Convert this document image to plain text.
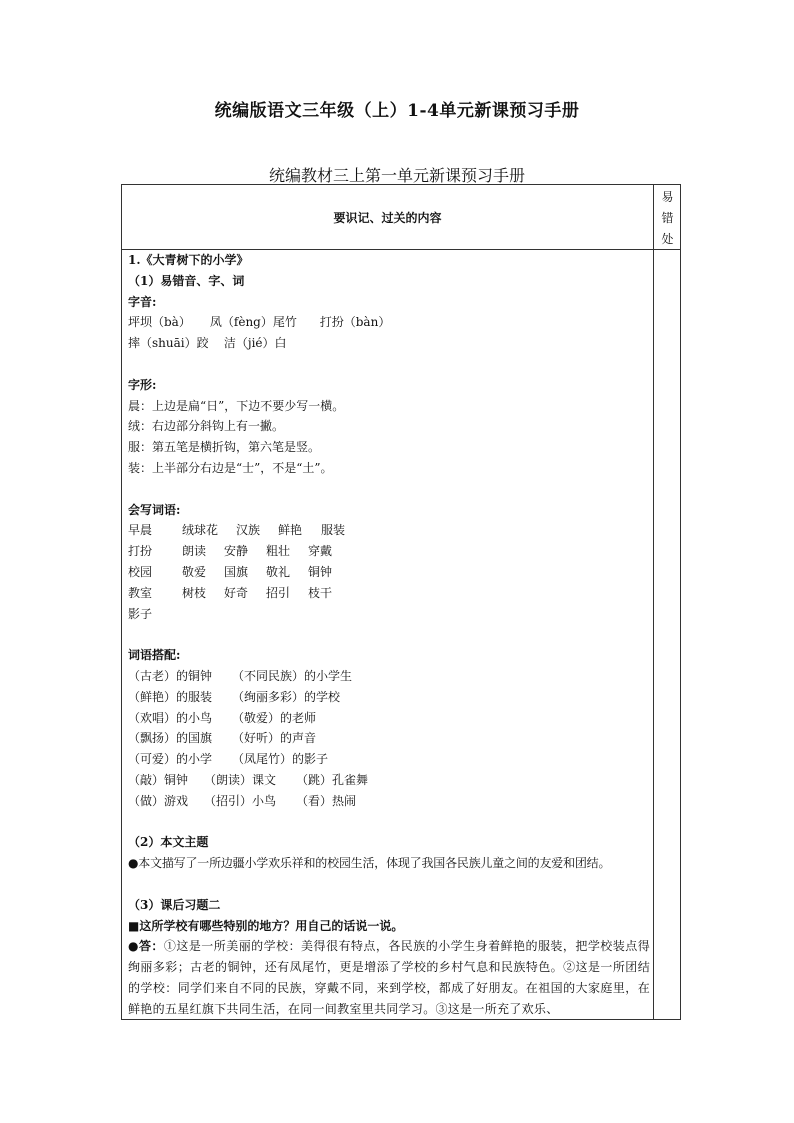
统编版语文三年级（上）1-4单元新课预习手册
统编教材三上第一单元新课预习手册
要识记、过关的内容
易
错
处
1.《大青树下的小学》
（1）易错音、字、词
字音:
坪坝（bà）     凤（fèng）尾竹      打扮（bàn）
摔（shuāi）跤    洁（jié）白
字形:
晨：上边是扁“日”，下边不要少写一横。
绒：右边部分斜钩上有一撇。
服：第五笔是横折钩，第六笔是竖。
装：上半部分右边是“士”，不是“土”。
会写词语:
早晨 绒球花 汉族 鲜艳 服装
打扮 朗读 安静 粗壮 穿戴
校园 敬爱 国旗 敬礼 铜钟
教室 树枝 好奇 招引 枝干
影子
词语搭配:
（古老）的铜钟 （不同民族）的小学生
（鲜艳）的服装 （绚丽多彩）的学校
（欢唱）的小鸟 （敬爱）的老师
（飘扬）的国旗 （好听）的声音
（可爱）的小学 （凤尾竹）的影子
（敲）铜钟 （朗读）课文 （跳）孔雀舞
（做）游戏 （招引）小鸟 （看）热闹
（2）本文主题
●本文描写了一所边疆小学欢乐祥和的校园生活，体现了我国各民族儿童之间的友爱和团结。
（3）课后习题二
■这所学校有哪些特别的地方？用自己的话说一说。
●答：①这是一所美丽的学校：美得很有特点，各民族的小学生身着鲜艳的服装，把学校装点得绚丽多彩；古老的铜钟，还有凤尾竹，更是增添了学校的乡村气息和民族特色。②这是一所团结的学校：同学们来自不同的民族，穿戴不同，来到学校，都成了好朋友。在祖国的大家庭里，在鲜艳的五星红旗下共同生活，在同一间教室里共同学习。③这是一所充了欢乐、
